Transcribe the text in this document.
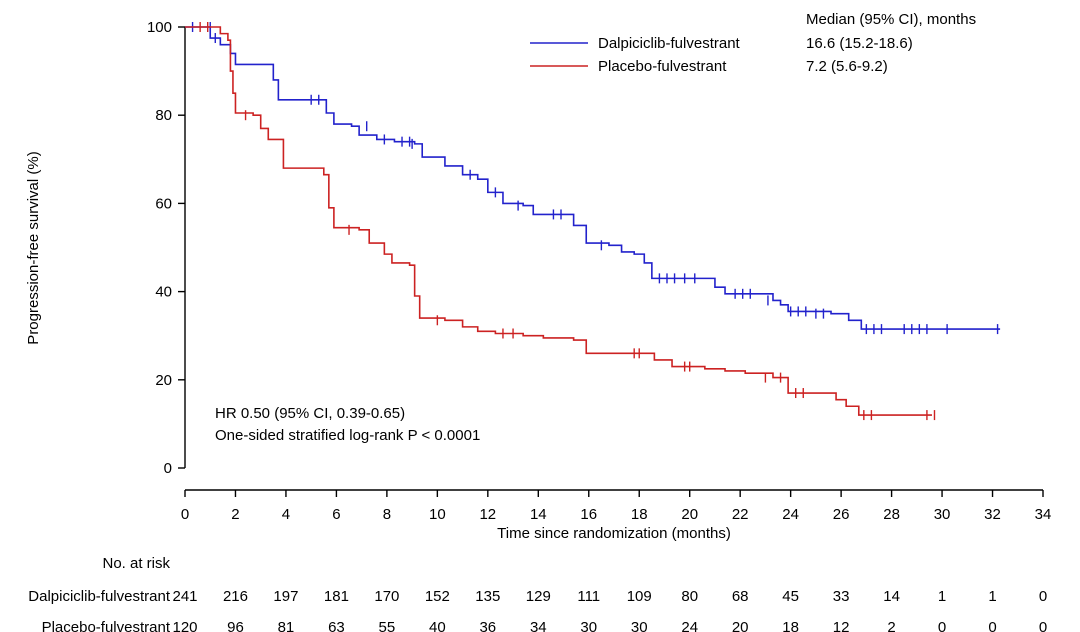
0
20
40
60
80
100
0	2	4	6	8	10 12 14 16 18 20 22 24 26 28 30 32 34
Median (95% CI), months
Dalpiciclib-fulvestrant	16.6 (15.2-18.6)
Placebo-fulvestrant	7.2 (5.6-9.2)
HR 0.50 (95% CI, 0.39-0.65)
One-sided stratified log-rank P < 0.0001
No. at risk
Dalpiciclib-fulvestrant 241 216 197 181 170 152 135 129 111 109 80 68 45 33 14	1	1	0
Placebo-fulvestrant 120 96 81 63 55 40 36 34 30 30 24 20 18 12	2	0	0	0
Time since randomization (months)
Progression-free survival (%)
